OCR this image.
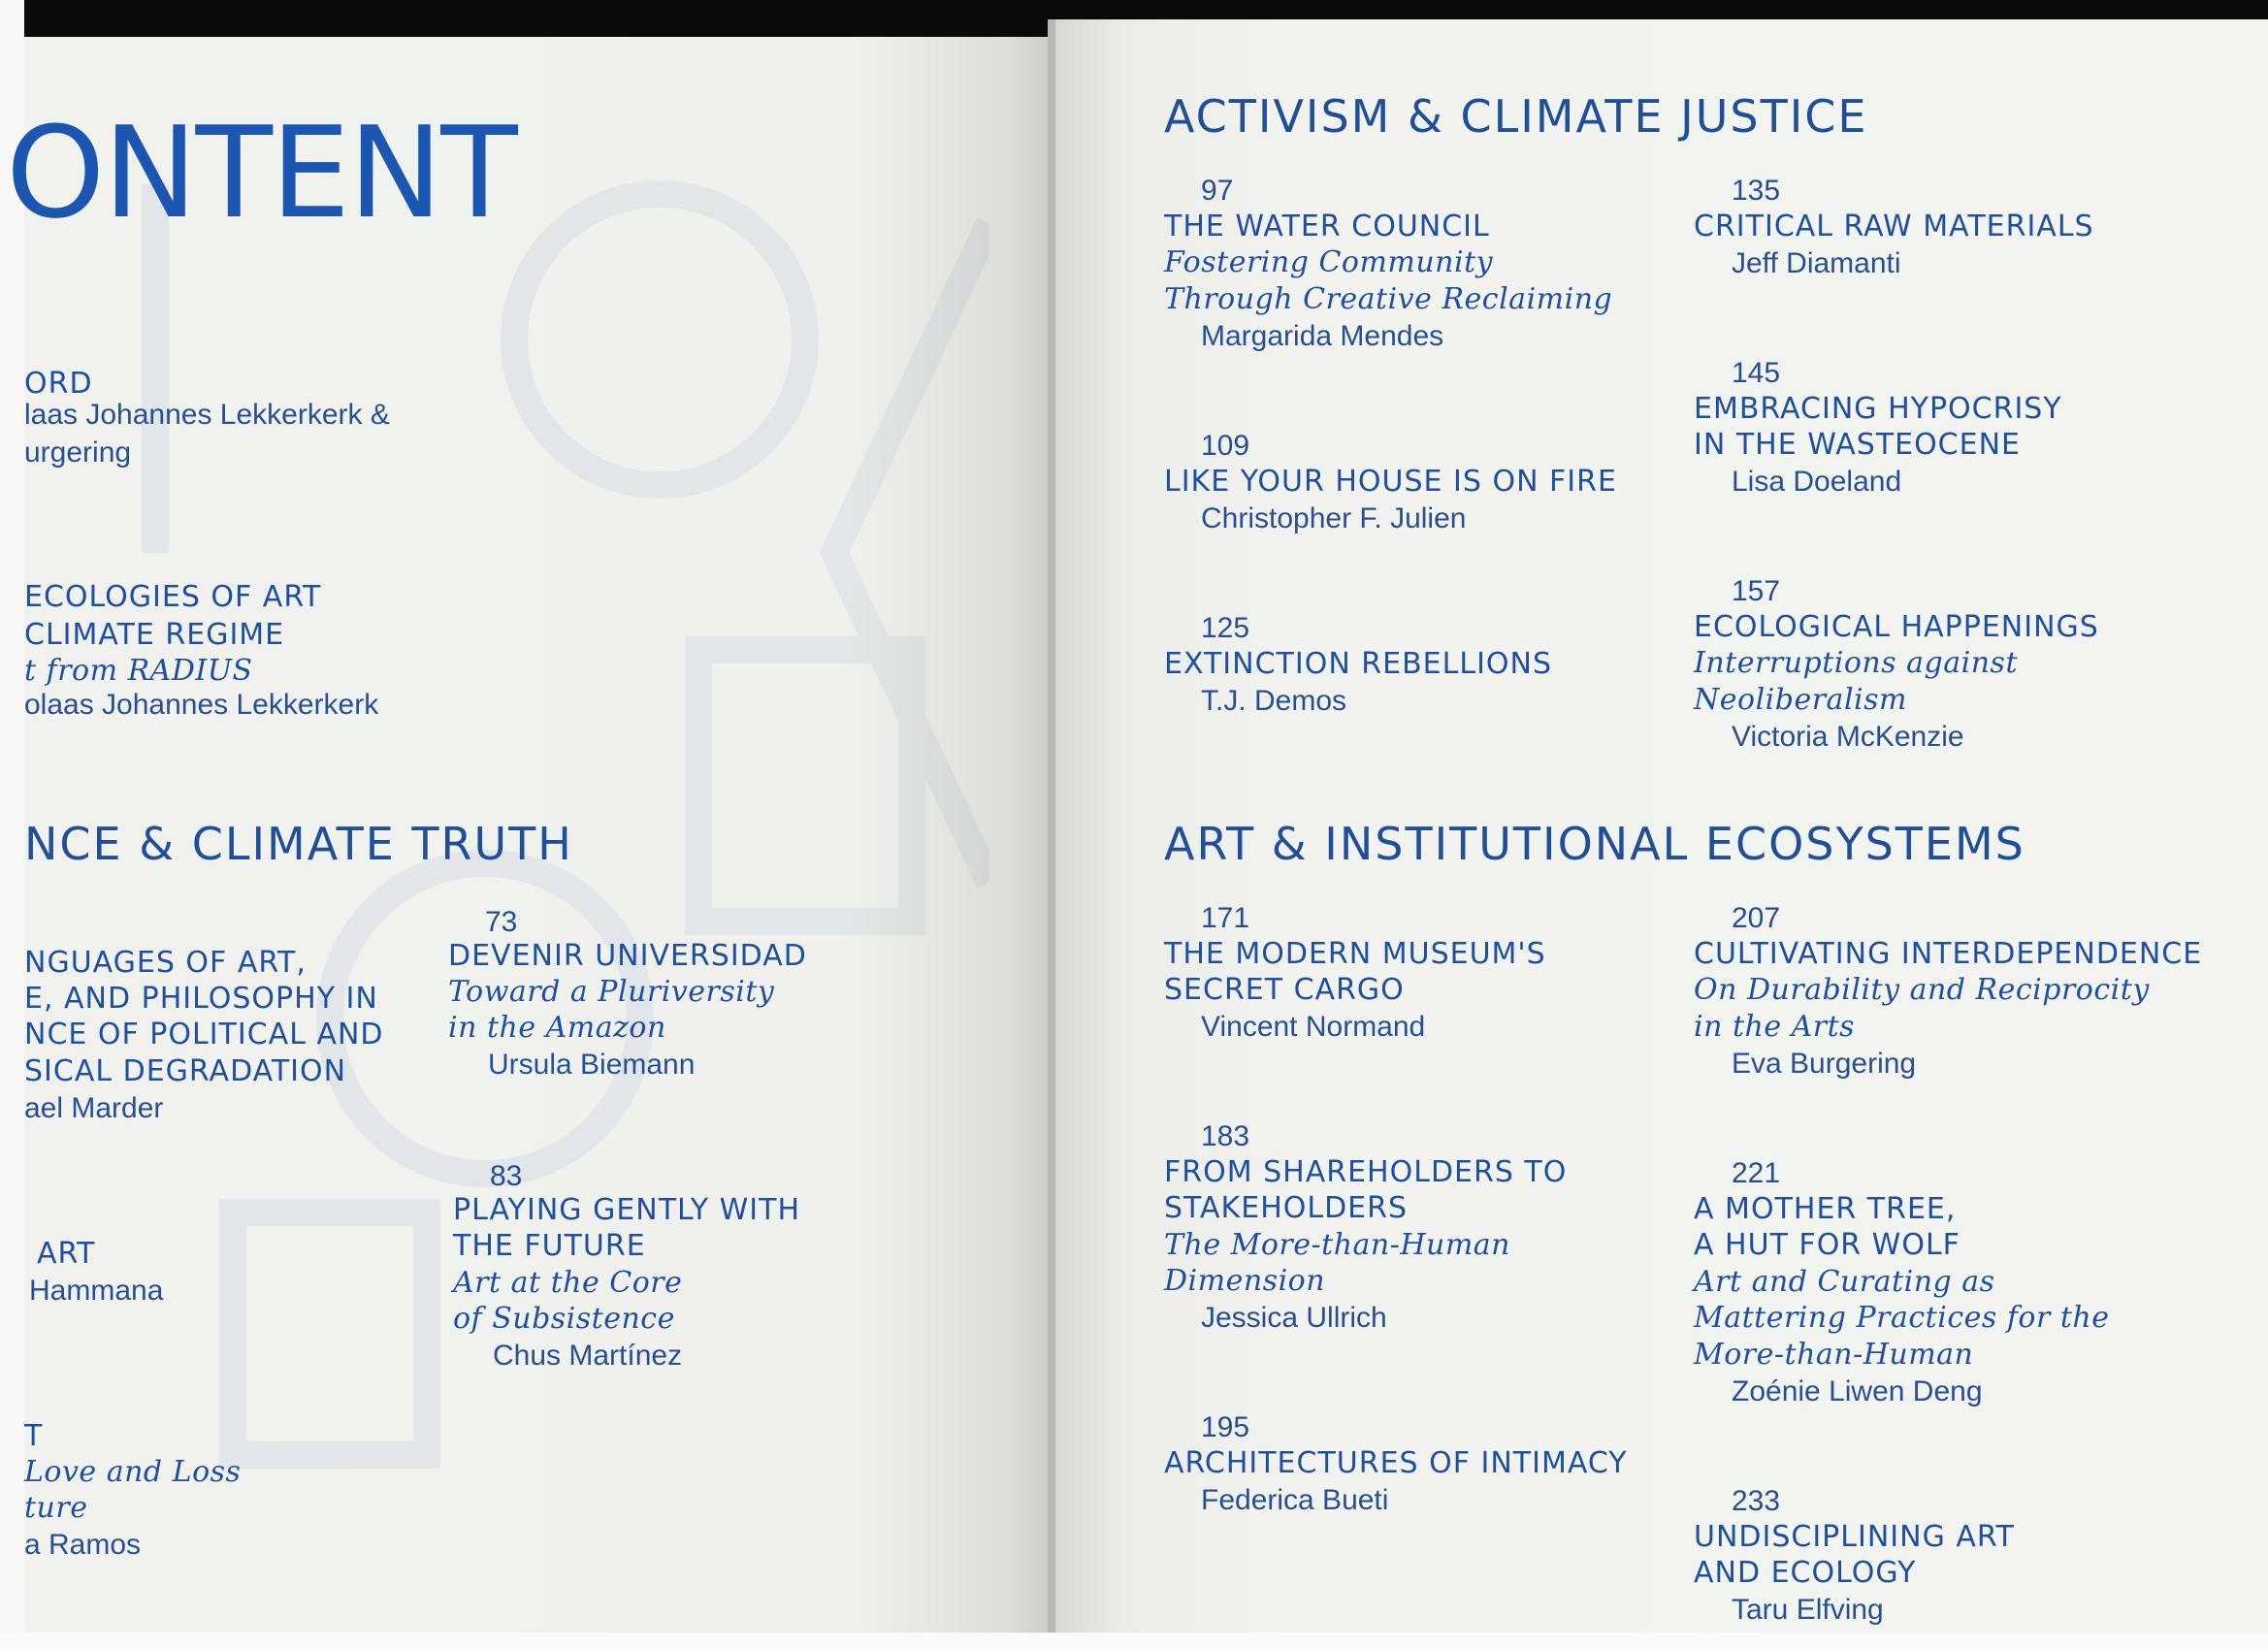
ONTENT
ORD
laas Johannes Lekkerkerk &
urgering
ECOLOGIES OF ART
CLIMATE REGIME
t from RADIUS
olaas Johannes Lekkerkerk
NCE & CLIMATE TRUTH
NGUAGES OF ART,
E, AND PHILOSOPHY IN
NCE OF POLITICAL AND
SICAL DEGRADATION
ael Marder
ART
Hammana
T
Love and Loss
ture
a Ramos
73
DEVENIR UNIVERSIDAD
Toward a Pluriversity
in the Amazon
Ursula Biemann
83
PLAYING GENTLY WITH
THE FUTURE
Art at the Core
of Subsistence
Chus Martínez
ACTIVISM & CLIMATE JUSTICE
97
THE WATER COUNCIL
Fostering Community
Through Creative Reclaiming
Margarida Mendes
109
LIKE YOUR HOUSE IS ON FIRE
Christopher F. Julien
125
EXTINCTION REBELLIONS
T.J. Demos
135
CRITICAL RAW MATERIALS
Jeff Diamanti
145
EMBRACING HYPOCRISY
IN THE WASTEOCENE
Lisa Doeland
157
ECOLOGICAL HAPPENINGS
Interruptions against
Neoliberalism
Victoria McKenzie
ART & INSTITUTIONAL ECOSYSTEMS
171
THE MODERN MUSEUM'S
SECRET CARGO
Vincent Normand
183
FROM SHAREHOLDERS TO
STAKEHOLDERS
The More-than-Human
Dimension
Jessica Ullrich
195
ARCHITECTURES OF INTIMACY
Federica Bueti
207
CULTIVATING INTERDEPENDENCE
On Durability and Reciprocity
in the Arts
Eva Burgering
221
A MOTHER TREE,
A HUT FOR WOLF
Art and Curating as
Mattering Practices for the
More-than-Human
Zoénie Liwen Deng
233
UNDISCIPLINING ART
AND ECOLOGY
Taru Elfving
